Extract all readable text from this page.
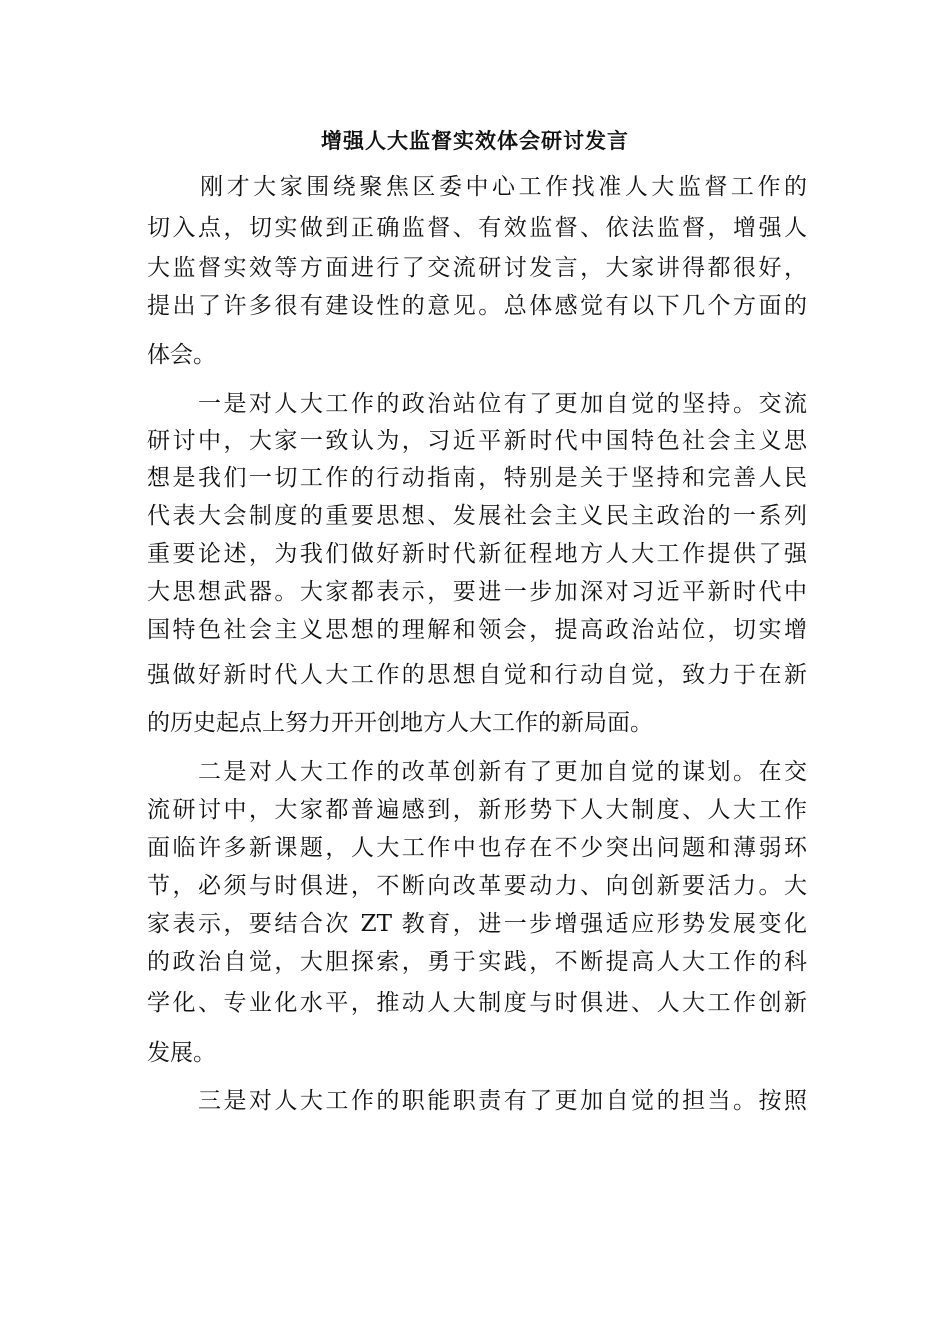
增强人大监督实效体会研讨发言
　　刚才大家围绕聚焦区委中心工作找准人大监督工作的
切入点，切实做到正确监督、有效监督、依法监督，增强人
大监督实效等方面进行了交流研讨发言，大家讲得都很好，
提出了许多很有建设性的意见。总体感觉有以下几个方面的
体会。
　　一是对人大工作的政治站位有了更加自觉的坚持。交流
研讨中，大家一致认为，习近平新时代中国特色社会主义思
想是我们一切工作的行动指南，特别是关于坚持和完善人民
代表大会制度的重要思想、发展社会主义民主政治的一系列
重要论述，为我们做好新时代新征程地方人大工作提供了强
大思想武器。大家都表示，要进一步加深对习近平新时代中
国特色社会主义思想的理解和领会，提高政治站位，切实增
强做好新时代人大工作的思想自觉和行动自觉，致力于在新
的历史起点上努力开开创地方人大工作的新局面。
　　二是对人大工作的改革创新有了更加自觉的谋划。在交
流研讨中，大家都普遍感到，新形势下人大制度、人大工作
面临许多新课题，人大工作中也存在不少突出问题和薄弱环
节，必须与时俱进，不断向改革要动力、向创新要活力。大
家表示，要结合次 ZT 教育，进一步增强适应形势发展变化
的政治自觉，大胆探索，勇于实践，不断提高人大工作的科
学化、专业化水平，推动人大制度与时俱进、人大工作创新
发展。
　　三是对人大工作的职能职责有了更加自觉的担当。按照
